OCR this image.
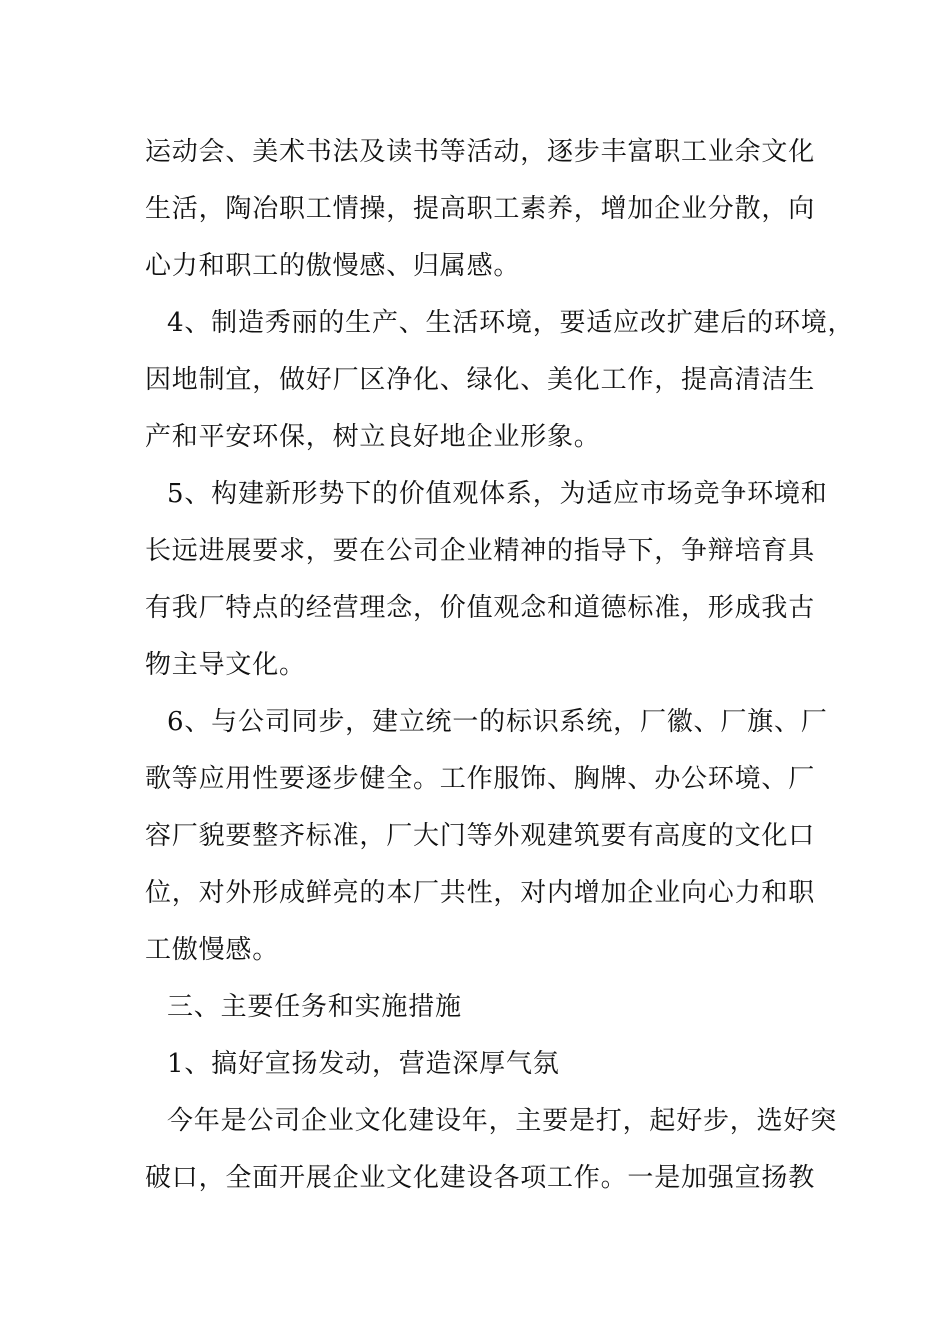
运动会、美术书法及读书等活动，逐步丰富职工业余文化
生活，陶冶职工情操，提高职工素养，增加企业分散，向
心力和职工的傲慢感、归属感。
4、制造秀丽的生产、生活环境，要适应改扩建后的环境，
因地制宜，做好厂区净化、绿化、美化工作，提高清洁生
产和平安环保，树立良好地企业形象。
5、构建新形势下的价值观体系，为适应市场竞争环境和
长远进展要求，要在公司企业精神的指导下，争辩培育具
有我厂特点的经营理念，价值观念和道德标准，形成我古
物主导文化。
6、与公司同步，建立统一的标识系统，厂徽、厂旗、厂
歌等应用性要逐步健全。工作服饰、胸牌、办公环境、厂
容厂貌要整齐标准，厂大门等外观建筑要有高度的文化口
位，对外形成鲜亮的本厂共性，对内增加企业向心力和职
工傲慢感。
三、主要任务和实施措施
1、搞好宣扬发动，营造深厚气氛
今年是公司企业文化建设年，主要是打，起好步，选好突
破口，全面开展企业文化建设各项工作。一是加强宣扬教
